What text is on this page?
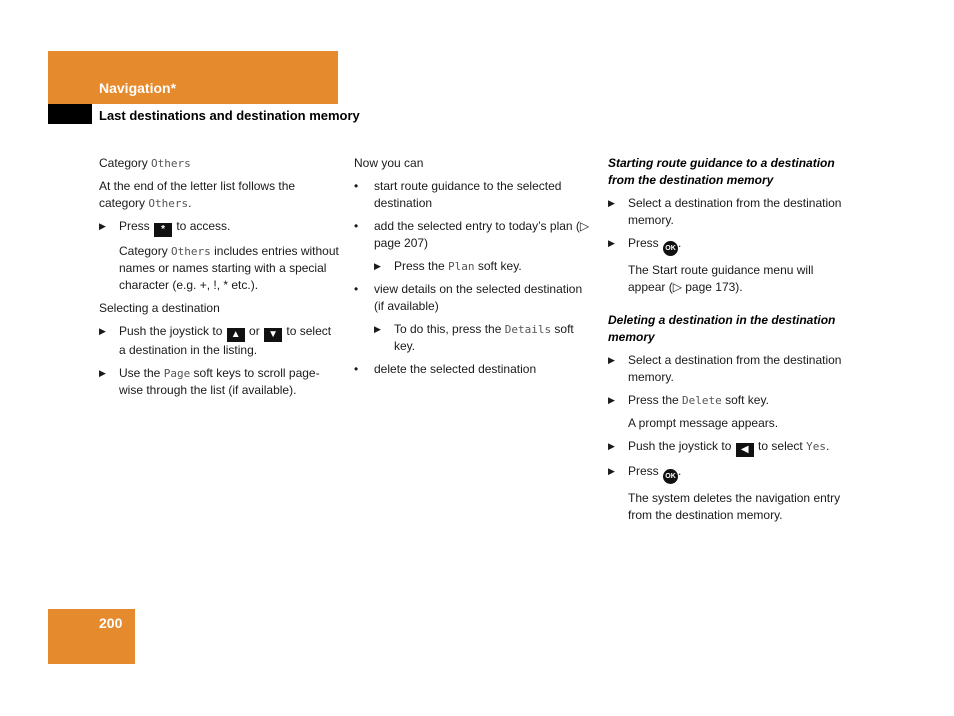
Navigation*
Last destinations and destination memory

Category Others

At the end of the letter list follows the category Others.

▶ Press * to access.

Category Others includes entries without names or names starting with a special character (e.g. +, !, * etc.).

Selecting a destination

▶ Push the joystick to ▲ or ▼ to select a destination in the listing.

▶ Use the Page soft keys to scroll page-wise through the list (if available).

Now you can

• start route guidance to the selected destination

• add the selected entry to today’s plan (▷ page 207)

▶ Press the Plan soft key.

• view details on the selected destination (if available)

▶ To do this, press the Details soft key.

• delete the selected destination

Starting route guidance to a destination from the destination memory

▶ Select a destination from the destination memory.

▶ Press OK .

The Start route guidance menu will appear (▷ page 173).

Deleting a destination in the destination memory

▶ Select a destination from the destination memory.

▶ Press the Delete soft key.

A prompt message appears.

▶ Push the joystick to ◀ to select Yes.

▶ Press OK .

The system deletes the navigation entry from the destination memory.

200
